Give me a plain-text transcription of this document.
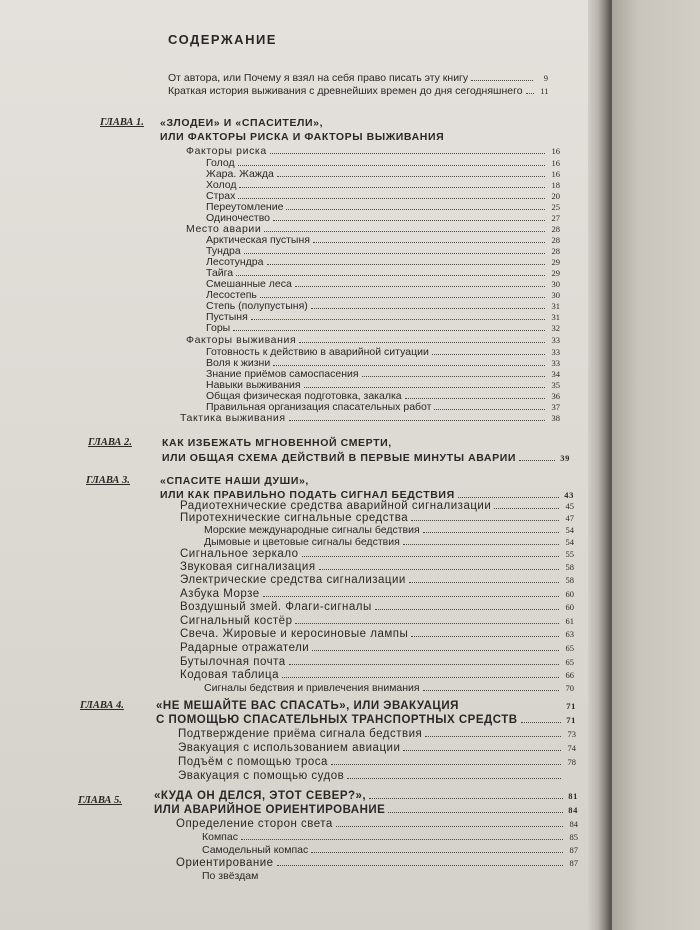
СОДЕРЖАНИЕ
От автора, или Почему я взял на себя право писать эту книгу	9
Краткая история выживания с древнейших времен до дня сегодняшнего	11
ГЛАВА 1. «ЗЛОДЕИ» И «СПАСИТЕЛИ»,
ИЛИ ФАКТОРЫ РИСКА И ФАКТОРЫ ВЫЖИВАНИЯ
Факторы риска	16
Голод	16
Жара. Жажда	16
Холод	18
Страх	20
Переутомление	25
Одиночество	27
Место аварии	28
Арктическая пустыня	28
Тундра	28
Лесотундра	29
Тайга	29
Смешанные леса	30
Лесостепь	30
Степь (полупустыня)	31
Пустыня	31
Горы	32
Факторы выживания	33
Готовность к действию в аварийной ситуации	33
Воля к жизни	33
Знание приёмов самоспасения	34
Навыки выживания	35
Общая физическая подготовка, закалка	36
Правильная организация спасательных работ	37
Тактика выживания	38
ГЛАВА 2.	КАК ИЗБЕЖАТЬ МГНОВЕННОЙ СМЕРТИ,
ИЛИ ОБЩАЯ СХЕМА ДЕЙСТВИЙ В ПЕРВЫЕ МИНУТЫ АВАРИИ	39
ГЛАВА 3.	«СПАСИТЕ НАШИ ДУШИ»,
ИЛИ КАК ПРАВИЛЬНО ПОДАТЬ СИГНАЛ БЕДСТВИЯ	43
Радиотехнические средства аварийной сигнализации	45
Пиротехнические сигнальные средства	47
Морские международные сигналы бедствия	54
Дымовые и цветовые сигналы бедствия	54
Сигнальное зеркало	55
Звуковая сигнализация	58
Электрические средства сигнализации	58
Азбука Морзе	60
Воздушный змей. Флаги-сигналы	60
Сигнальный костёр	61
Свеча. Жировые и керосиновые лампы	63
Радарные отражатели	65
Бутылочная почта	65
Кодовая таблица	66
Сигналы бедствия и привлечения внимания	70
ГЛАВА 4.	«НЕ МЕШАЙТЕ ВАС СПАСАТЬ», ИЛИ ЭВАКУАЦИЯ	71
С ПОМОЩЬЮ СПАСАТЕЛЬНЫХ ТРАНСПОРТНЫХ СРЕДСТВ	71
Подтверждение приёма сигнала бедствия	73
Эвакуация с использованием авиации	74
Подъём с помощью троса	78
Эвакуация с помощью судов
ГЛАВА 5.	«КУДА ОН ДЕЛСЯ, ЭТОТ СЕВЕР?»,	81
ИЛИ АВАРИЙНОЕ ОРИЕНТИРОВАНИЕ	84
Определение сторон света	84
Компас	85
Самодельный компас	87
Ориентирование	87
По звёздам
